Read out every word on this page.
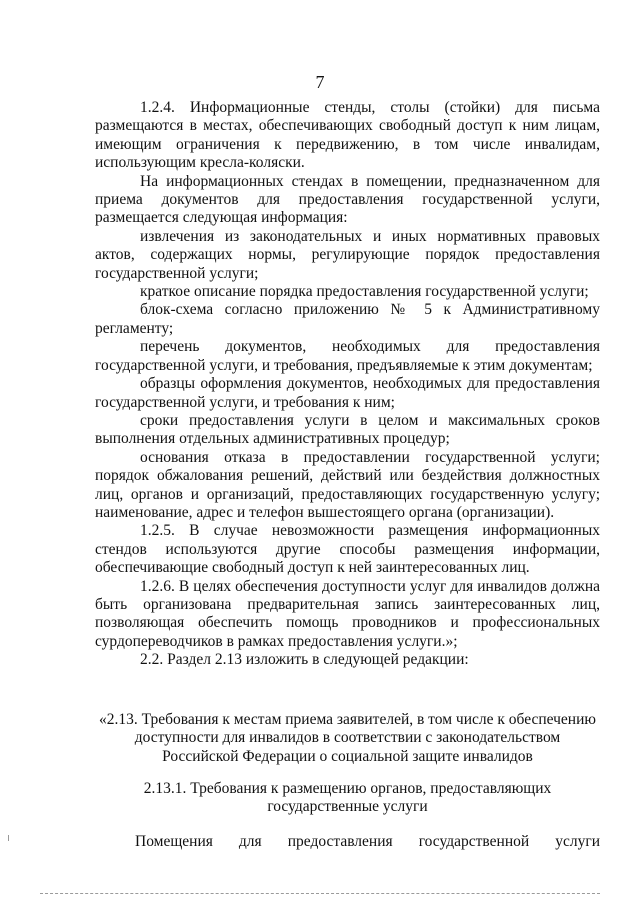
7

1.2.4. Информационные стенды, столы (стойки) для письма размещаются в местах, обеспечивающих свободный доступ к ним лицам, имеющим ограничения к передвижению, в том числе инвалидам, использующим кресла-коляски.

На информационных стендах в помещении, предназначенном для приема документов для предоставления государственной услуги, размещается следующая информация:

извлечения из законодательных и иных нормативных правовых актов, содержащих нормы, регулирующие порядок предоставления государственной услуги;

краткое описание порядка предоставления государственной услуги;

блок-схема согласно приложению № 5 к Административному регламенту;

перечень документов, необходимых для предоставления государственной услуги, и требования, предъявляемые к этим документам;

образцы оформления документов, необходимых для предоставления государственной услуги, и требования к ним;

сроки предоставления услуги в целом и максимальных сроков выполнения отдельных административных процедур;

основания отказа в предоставлении государственной услуги; порядок обжалования решений, действий или бездействия должностных лиц, органов и организаций, предоставляющих государственную услугу; наименование, адрес и телефон вышестоящего органа (организации).

1.2.5. В случае невозможности размещения информационных стендов используются другие способы размещения информации, обеспечивающие свободный доступ к ней заинтересованных лиц.

1.2.6. В целях обеспечения доступности услуг для инвалидов должна быть организована предварительная запись заинтересованных лиц, позволяющая обеспечить помощь проводников и профессиональных сурдопереводчиков в рамках предоставления услуги.»;

2.2. Раздел 2.13 изложить в следующей редакции:

«2.13. Требования к местам приема заявителей, в том числе к обеспечению доступности для инвалидов в соответствии с законодательством Российской Федерации о социальной защите инвалидов
2.13.1. Требования к размещению органов, предоставляющих государственные услуги
Помещения для предоставления государственной услуги
